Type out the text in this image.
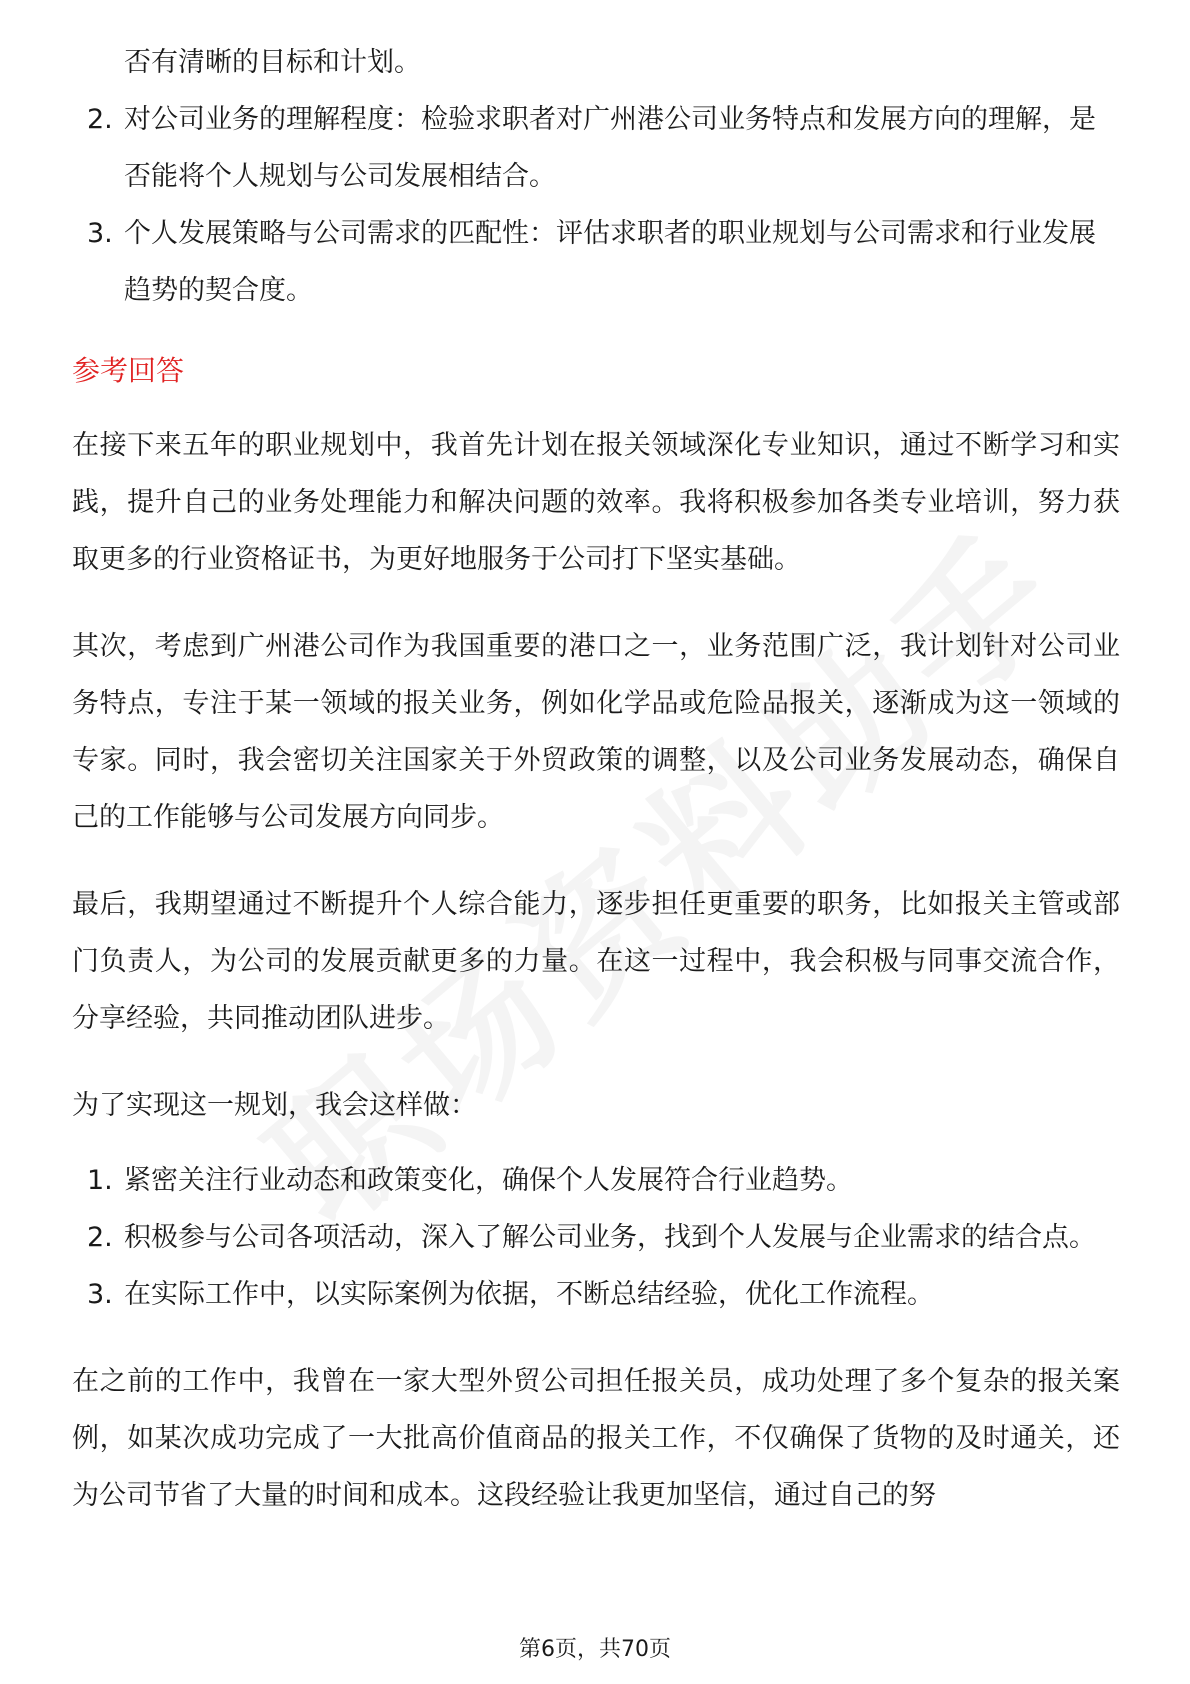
否有清晰的目标和计划。
2. 对公司业务的理解程度：检验求职者对广州港公司业务特点和发展方向的理解，是否能将个人规划与公司发展相结合。
3. 个人发展策略与公司需求的匹配性：评估求职者的职业规划与公司需求和行业发展趋势的契合度。
参考回答

在接下来五年的职业规划中，我首先计划在报关领域深化专业知识，通过不断学习和实践，提升自己的业务处理能力和解决问题的效率。我将积极参加各类专业培训，努力获取更多的行业资格证书，为更好地服务于公司打下坚实基础。

其次，考虑到广州港公司作为我国重要的港口之一，业务范围广泛，我计划针对公司业务特点，专注于某一领域的报关业务，例如化学品或危险品报关，逐渐成为这一领域的专家。同时，我会密切关注国家关于外贸政策的调整，以及公司业务发展动态，确保自己的工作能够与公司发展方向同步。

最后，我期望通过不断提升个人综合能力，逐步担任更重要的职务，比如报关主管或部门负责人，为公司的发展贡献更多的力量。在这一过程中，我会积极与同事交流合作，分享经验，共同推动团队进步。

为了实现这一规划，我会这样做：

1. 紧密关注行业动态和政策变化，确保个人发展符合行业趋势。
2. 积极参与公司各项活动，深入了解公司业务，找到个人发展与企业需求的结合点。
3. 在实际工作中，以实际案例为依据，不断总结经验，优化工作流程。

在之前的工作中，我曾在一家大型外贸公司担任报关员，成功处理了多个复杂的报关案例，如某次成功完成了一大批高价值商品的报关工作，不仅确保了货物的及时通关，还为公司节省了大量的时间和成本。这段经验让我更加坚信，通过自己的努

第6页，共70页
